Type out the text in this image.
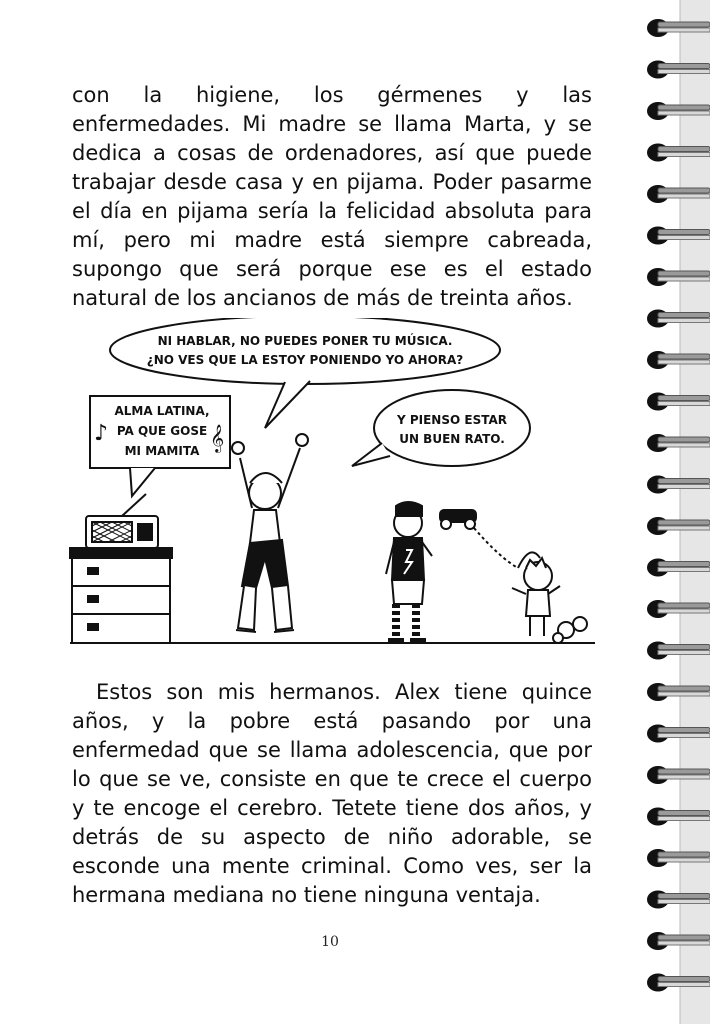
con la higiene, los gérmenes y las enfermedades. Mi madre se llama Marta, y se dedica a cosas de ordenadores, así que puede trabajar desde casa y en pijama. Poder pasarme el día en pijama sería la felicidad absoluta para mí, pero mi madre está siempre cabreada, supongo que será porque ese es el estado natural de los ancianos de más de treinta años.

NI HABLAR, NO PUEDES PONER TU MÚSICA.
¿NO VES QUE LA ESTOY PONIENDO YO AHORA?
ALMA LATINA,
PA QUE GOSE
MI MAMITA
♪	𝄞
Y PIENSO ESTAR
UN BUEN RATO.

Estos son mis hermanos. Alex tiene quince años, y la pobre está pasando por una enfermedad que se llama adolescencia, que por lo que se ve, consiste en que te crece el cuerpo y te encoge el cerebro. Tetete tiene dos años, y detrás de su aspecto de niño adorable, se esconde una mente criminal. Como ves, ser la hermana mediana no tiene ninguna ventaja.

10
